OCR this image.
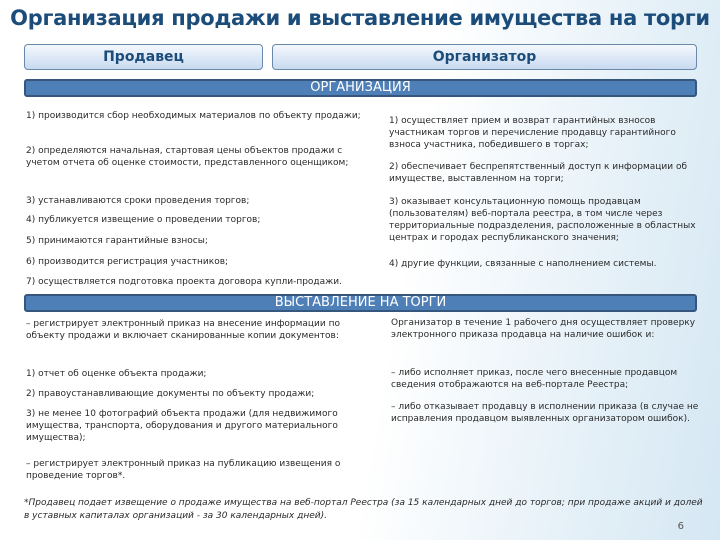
Организация продажи и выставление имущества на торги
Продавец	Организатор
ОРГАНИЗАЦИЯ
1) производится сбор необходимых материалов по объекту продажи;
2) определяются начальная, стартовая цены объектов продажи с учетом отчета об оценке стоимости, представленного оценщиком;
3) устанавливаются сроки проведения торгов;
4) публикуется извещение о проведении торгов;
5) принимаются гарантийные взносы;
6) производится регистрация участников;
7) осуществляется подготовка проекта договора купли-продажи.
1) осуществляет прием и возврат гарантийных взносов участникам торгов и перечисление продавцу гарантийного взноса участника, победившего в торгах;
2) обеспечивает беспрепятственный доступ к информации об имуществе, выставленном на торги;
3) оказывает консультационную помощь продавцам (пользователям) веб-портала реестра, в том числе через территориальные подразделения, расположенные в областных центрах и городах республиканского значения;
4) другие функции, связанные с наполнением системы.
ВЫСТАВЛЕНИЕ НА ТОРГИ
– регистрирует электронный приказ на внесение информации по объекту продажи и включает сканированные копии документов:
1) отчет об оценке объекта продажи;
2) правоустанавливающие документы по объекту продажи;
3) не менее 10 фотографий объекта продажи (для недвижимого имущества, транспорта, оборудования и другого материального имущества);
– регистрирует электронный приказ на публикацию извещения о проведение торгов*.
Организатор в течение 1 рабочего дня осуществляет проверку электронного приказа продавца на наличие ошибок и:
– либо исполняет приказ, после чего внесенные продавцом сведения отображаются на веб-портале Реестра;
– либо отказывает продавцу в исполнении приказа (в случае не исправления продавцом выявленных организатором ошибок).
*Продавец подает извещение о продаже имущества на веб-портал Реестра (за 15 календарных дней до торгов; при продаже акций и долей в уставных капиталах организаций - за 30 календарных дней).
6
